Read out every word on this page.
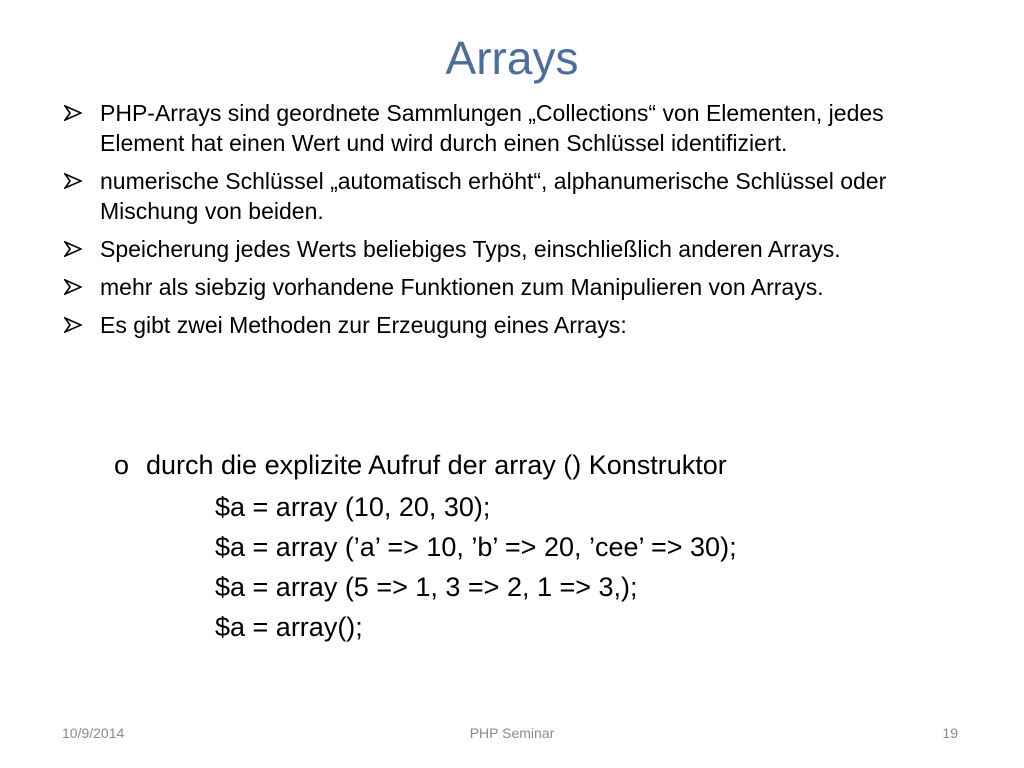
Arrays
PHP-Arrays sind geordnete Sammlungen „Collections“ von Elementen, jedes Element hat einen Wert und wird durch einen Schlüssel identifiziert.
numerische Schlüssel „automatisch erhöht“, alphanumerische Schlüssel oder Mischung von beiden.
Speicherung jedes Werts beliebiges Typs, einschließlich anderen Arrays.
mehr als siebzig vorhandene Funktionen zum Manipulieren von Arrays.
Es gibt zwei Methoden zur Erzeugung eines Arrays:
o durch die explizite Aufruf der array () Konstruktor
$a = array (10, 20, 30);
$a = array (’a’ => 10, ’b’ => 20, ’cee’ => 30);
$a = array (5 => 1, 3 => 2, 1 => 3,);
$a = array();
10/9/2014	PHP Seminar	19
